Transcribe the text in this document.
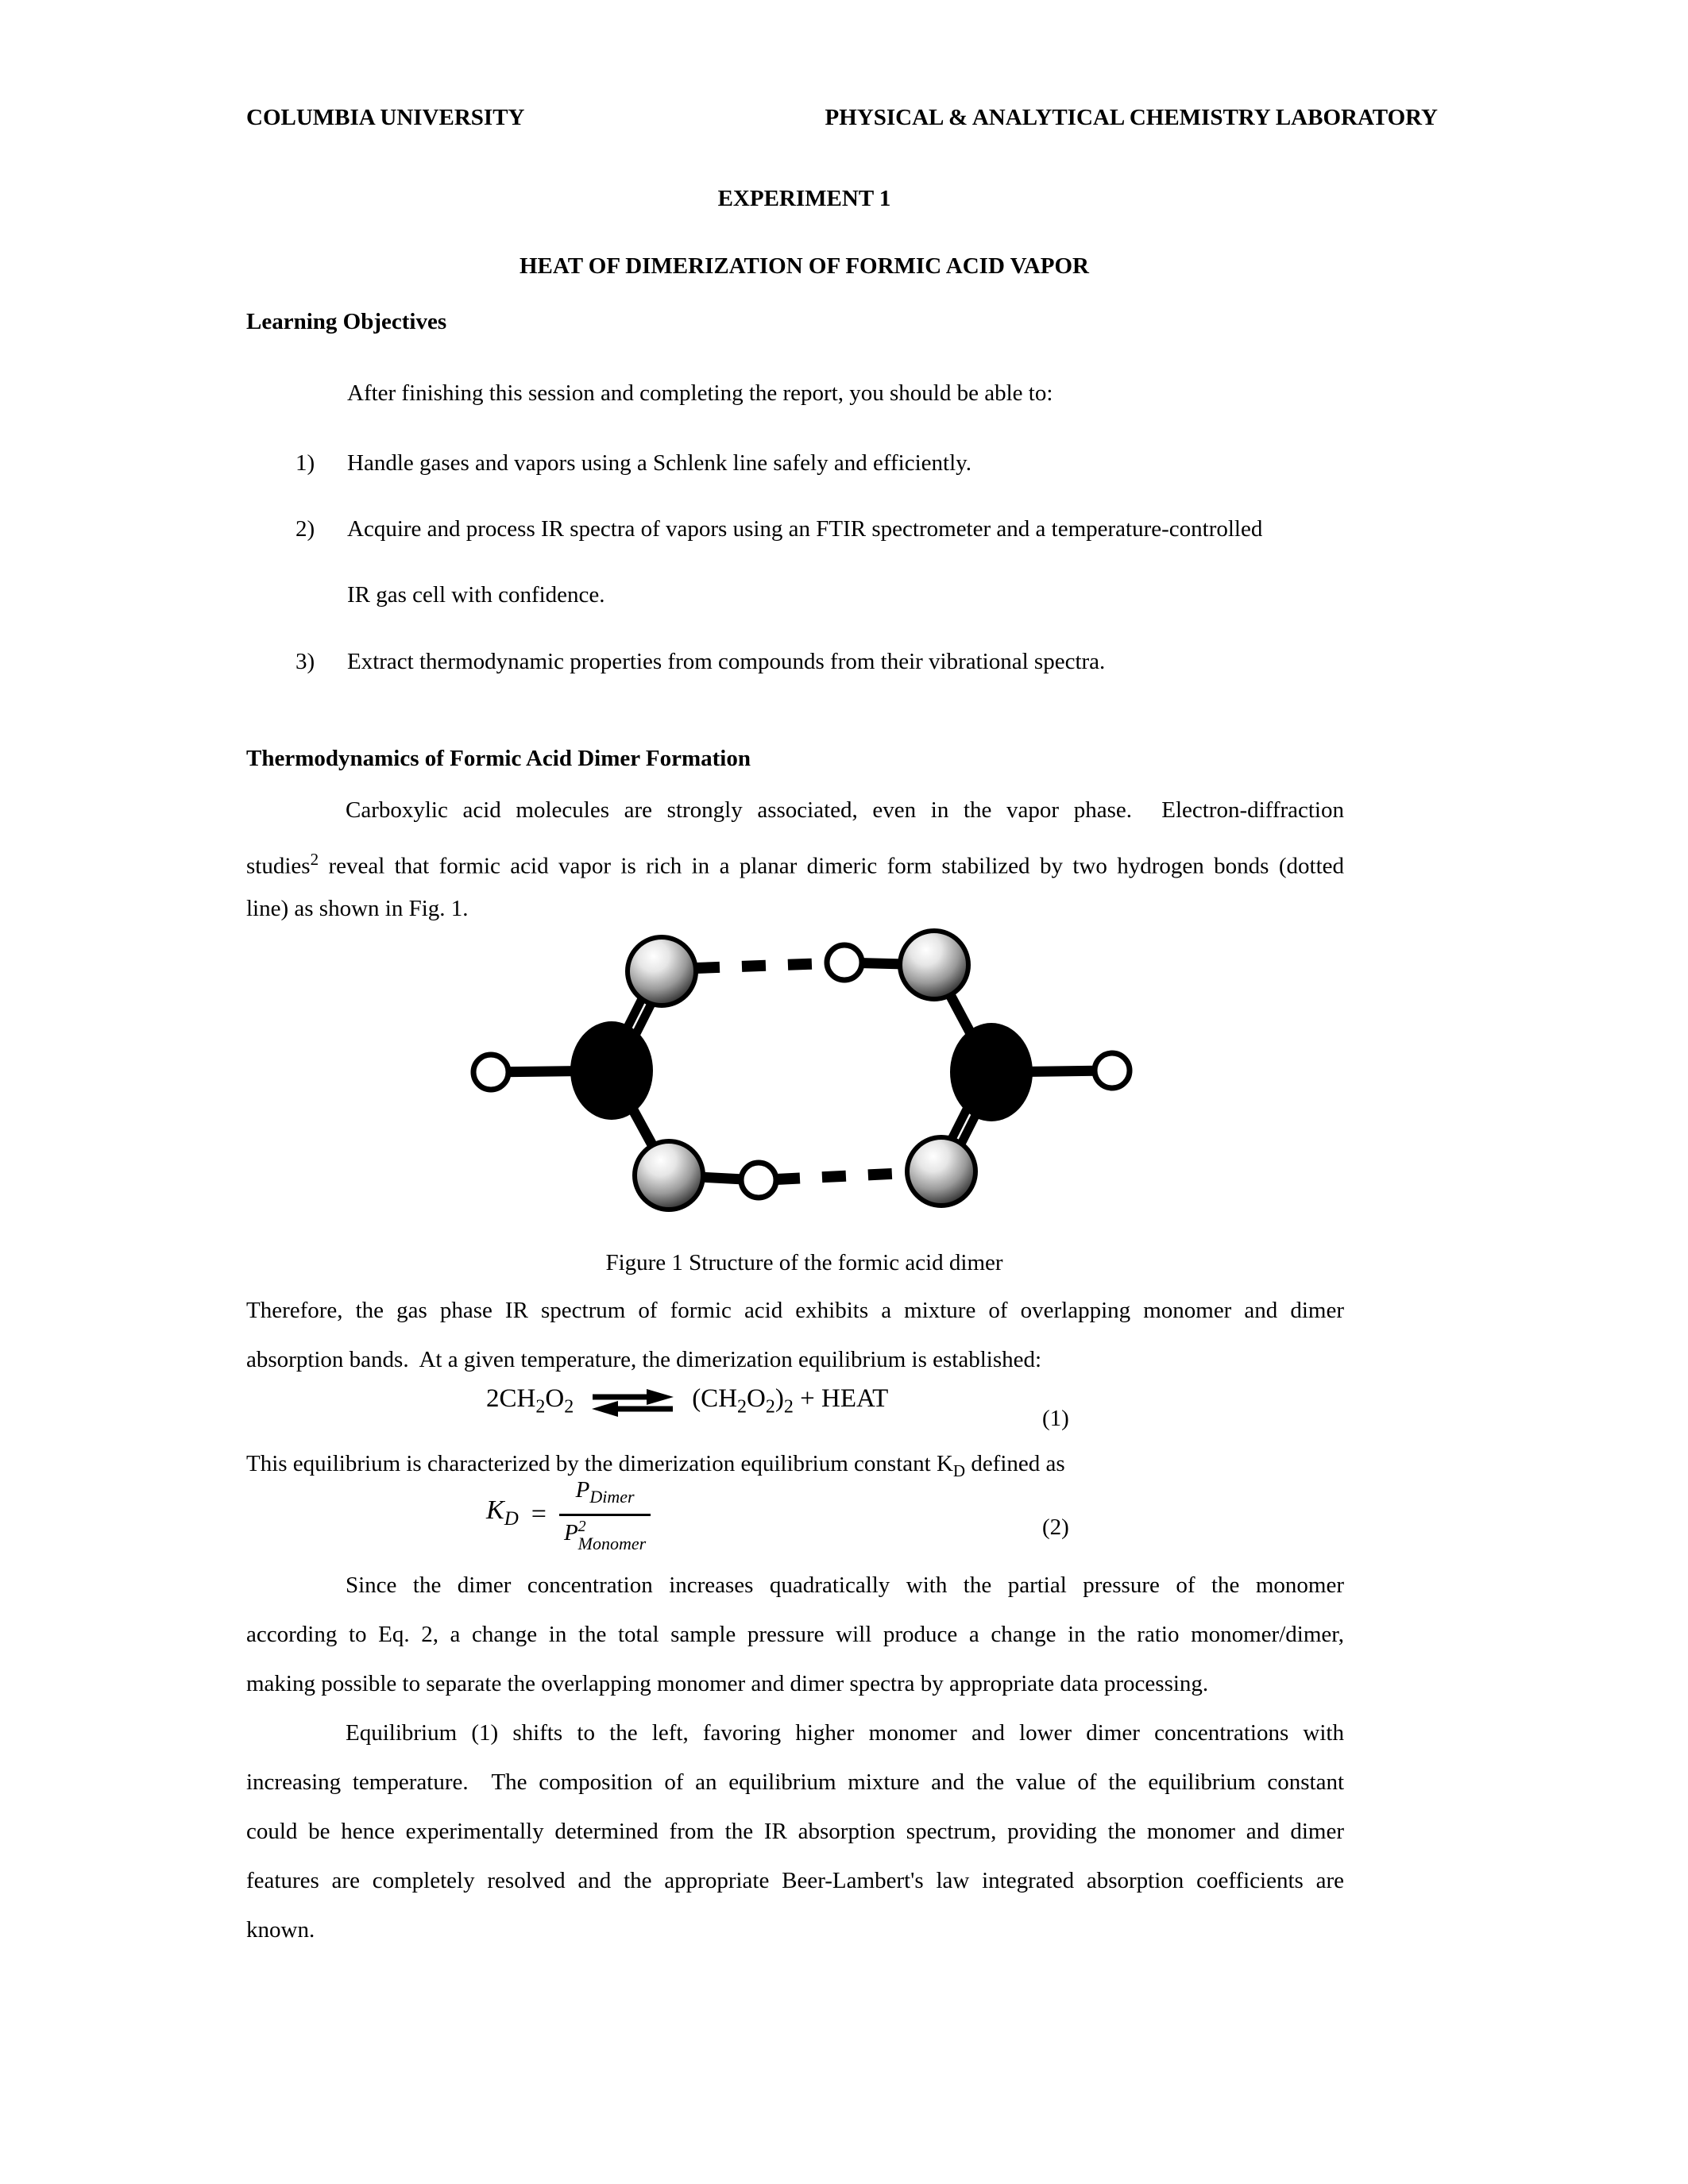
COLUMBIA UNIVERSITY	PHYSICAL & ANALYTICAL CHEMISTRY LABORATORY
EXPERIMENT 1
HEAT OF DIMERIZATION OF FORMIC ACID VAPOR
Learning Objectives
After finishing this session and completing the report, you should be able to:
1) Handle gases and vapors using a Schlenk line safely and efficiently.
2) Acquire and process IR spectra of vapors using an FTIR spectrometer and a temperature-controlled
IR gas cell with confidence.
3) Extract thermodynamic properties from compounds from their vibrational spectra.
Thermodynamics of Formic Acid Dimer Formation
Carboxylic acid molecules are strongly associated, even in the vapor phase.  Electron-diffraction
studies$^2$ reveal that formic acid vapor is rich in a planar dimeric form stabilized by two hydrogen bonds (dotted
line) as shown in Fig. 1.
Figure 1 Structure of the formic acid dimer
Therefore, the gas phase IR spectrum of formic acid exhibits a mixture of overlapping monomer and dimer
absorption bands.  At a given temperature, the dimerization equilibrium is established:
$2CH_2O_2$ ⇌ $(CH_2O_2)_2$ + HEAT
(1)
This equilibrium is characterized by the dimerization equilibrium constant $K_D$ defined as
$K_D = P_{Dimer}$
P 2
Monomer	(2)
Since the dimer concentration increases quadratically with the partial pressure of the monomer
according to Eq. 2, a change in the total sample pressure will produce a change in the ratio monomer/dimer,
making possible to separate the overlapping monomer and dimer spectra by appropriate data processing.
Equilibrium (1) shifts to the left, favoring higher monomer and lower dimer concentrations with
increasing temperature.  The composition of an equilibrium mixture and the value of the equilibrium constant
could be hence experimentally determined from the IR absorption spectrum, providing the monomer and dimer
features are completely resolved and the appropriate Beer-Lambert's law integrated absorption coefficients are
known.
